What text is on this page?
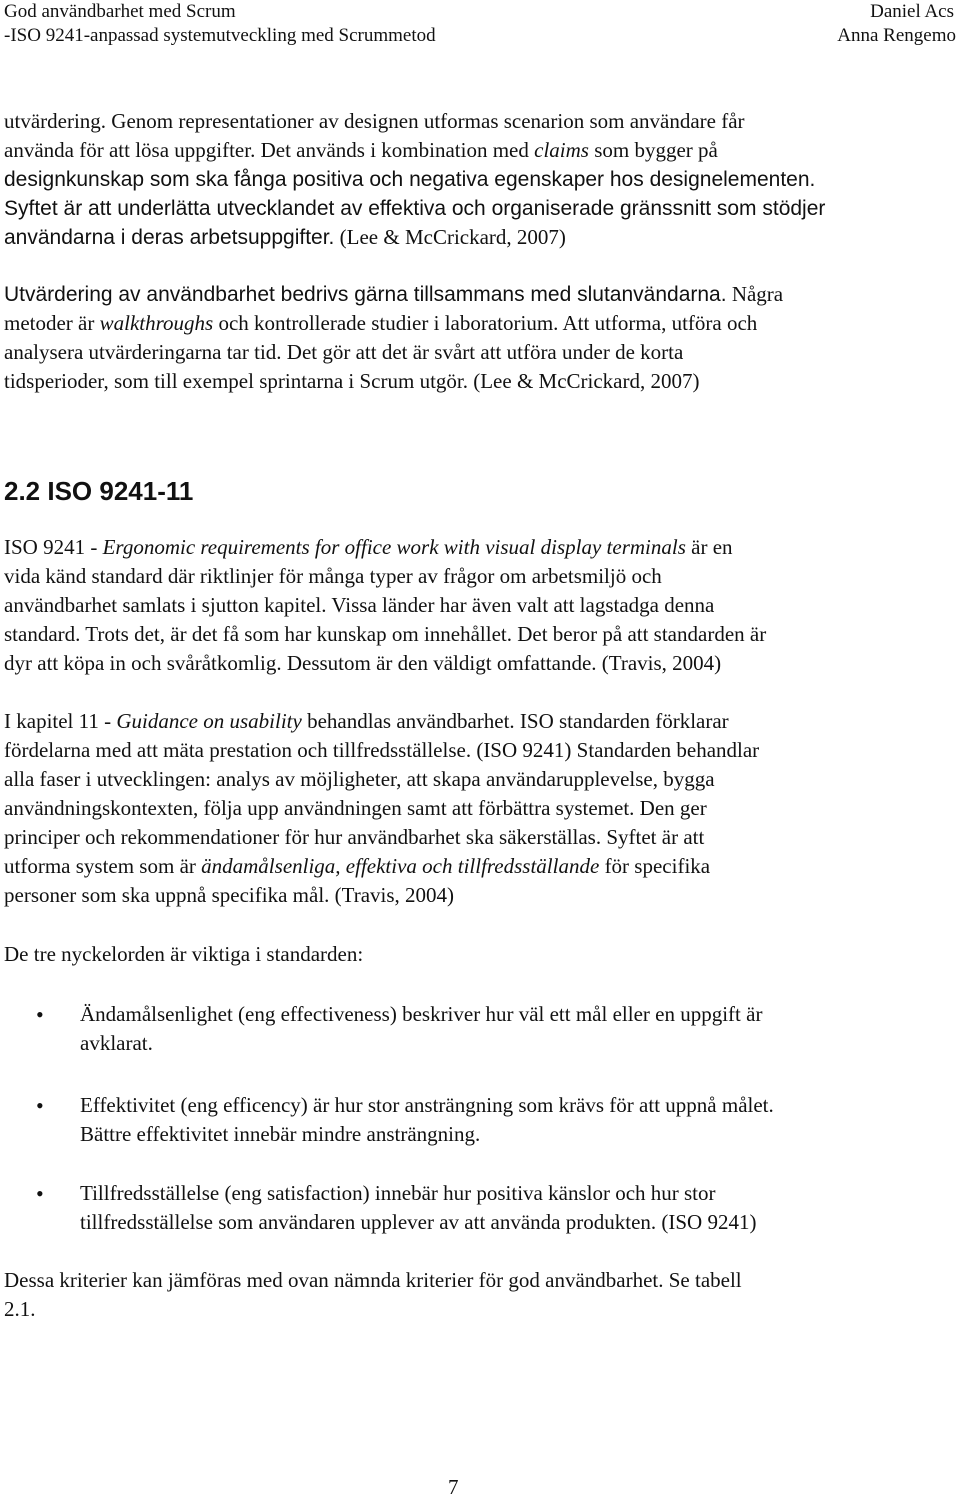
God användbarhet med Scrum
-ISO 9241-anpassad systemutveckling med Scrummetod
Daniel Acs
Anna Rengemo
utvärdering. Genom representationer av designen utformas scenarion som användare får
använda för att lösa uppgifter. Det används i kombination med claims som bygger på
designkunskap som ska fånga positiva och negativa egenskaper hos designelementen.
Syftet är att underlätta utvecklandet av effektiva och organiserade gränssnitt som stödjer
användarna i deras arbetsuppgifter. (Lee & McCrickard, 2007)
Utvärdering av användbarhet bedrivs gärna tillsammans med slutanvändarna. Några
metoder är walkthroughs och kontrollerade studier i laboratorium. Att utforma, utföra och
analysera utvärderingarna tar tid. Det gör att det är svårt att utföra under de korta
tidsperioder, som till exempel sprintarna i Scrum utgör. (Lee & McCrickard, 2007)
2.2 ISO 9241-11
ISO 9241 - Ergonomic requirements for office work with visual display terminals är en
vida känd standard där riktlinjer för många typer av frågor om arbetsmiljö och
användbarhet samlats i sjutton kapitel. Vissa länder har även valt att lagstadga denna
standard. Trots det, är det få som har kunskap om innehållet. Det beror på att standarden är
dyr att köpa in och svåråtkomlig. Dessutom är den väldigt omfattande. (Travis, 2004)
I kapitel 11 - Guidance on usability behandlas användbarhet. ISO standarden förklarar
fördelarna med att mäta prestation och tillfredsställelse. (ISO 9241) Standarden behandlar
alla faser i utvecklingen: analys av möjligheter, att skapa användarupplevelse, bygga
användningskontexten, följa upp användningen samt att förbättra systemet. Den ger
principer och rekommendationer för hur användbarhet ska säkerställas. Syftet är att
utforma system som är ändamålsenliga, effektiva och tillfredsställande för specifika
personer som ska uppnå specifika mål. (Travis, 2004)
De tre nyckelorden är viktiga i standarden:
• Ändamålsenlighet (eng effectiveness) beskriver hur väl ett mål eller en uppgift är
avklarat.
• Effektivitet (eng efficency) är hur stor ansträngning som krävs för att uppnå målet.
Bättre effektivitet innebär mindre ansträngning.
• Tillfredsställelse (eng satisfaction) innebär hur positiva känslor och hur stor
tillfredsställelse som användaren upplever av att använda produkten. (ISO 9241)
Dessa kriterier kan jämföras med ovan nämnda kriterier för god användbarhet. Se tabell
2.1.
7
